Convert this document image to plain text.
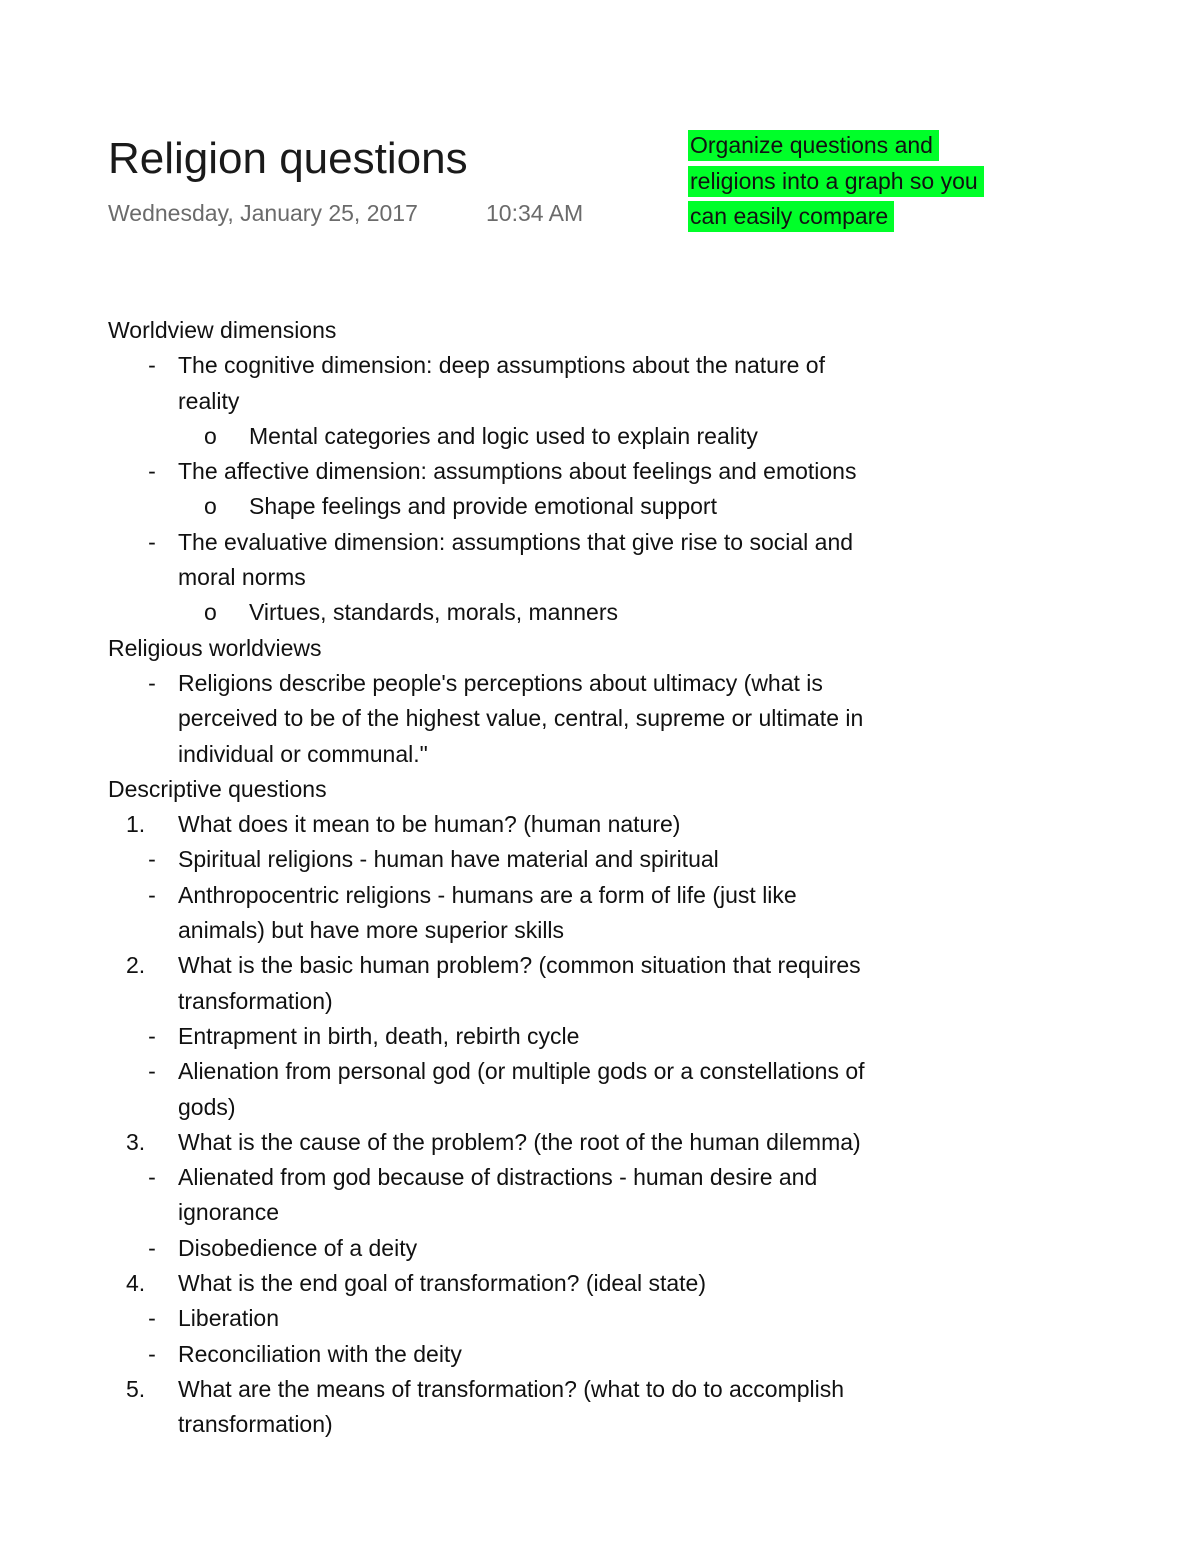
Religion questions
Wednesday, January 25, 2017	10:34 AM
Organize questions and
religions into a graph so you
can easily compare
Worldview dimensions
- The cognitive dimension: deep assumptions about the nature of
reality
o	Mental categories and logic used to explain reality
- The affective dimension: assumptions about feelings and emotions
o	Shape feelings and provide emotional support
- The evaluative dimension: assumptions that give rise to social and
moral norms
o	Virtues, standards, morals, manners
Religious worldviews
- Religions describe people's perceptions about ultimacy (what is
perceived to be of the highest value, central, supreme or ultimate in
individual or communal."
Descriptive questions
1.	What does it mean to be human? (human nature)
- Spiritual religions - human have material and spiritual
- Anthropocentric religions - humans are a form of life (just like
animals) but have more superior skills
2.	What is the basic human problem? (common situation that requires
transformation)
- Entrapment in birth, death, rebirth cycle
- Alienation from personal god (or multiple gods or a constellations of
gods)
3.	What is the cause of the problem? (the root of the human dilemma)
- Alienated from god because of distractions - human desire and
ignorance
- Disobedience of a deity
4.	What is the end goal of transformation? (ideal state)
- Liberation
- Reconciliation with the deity
5.	What are the means of transformation? (what to do to accomplish
transformation)
